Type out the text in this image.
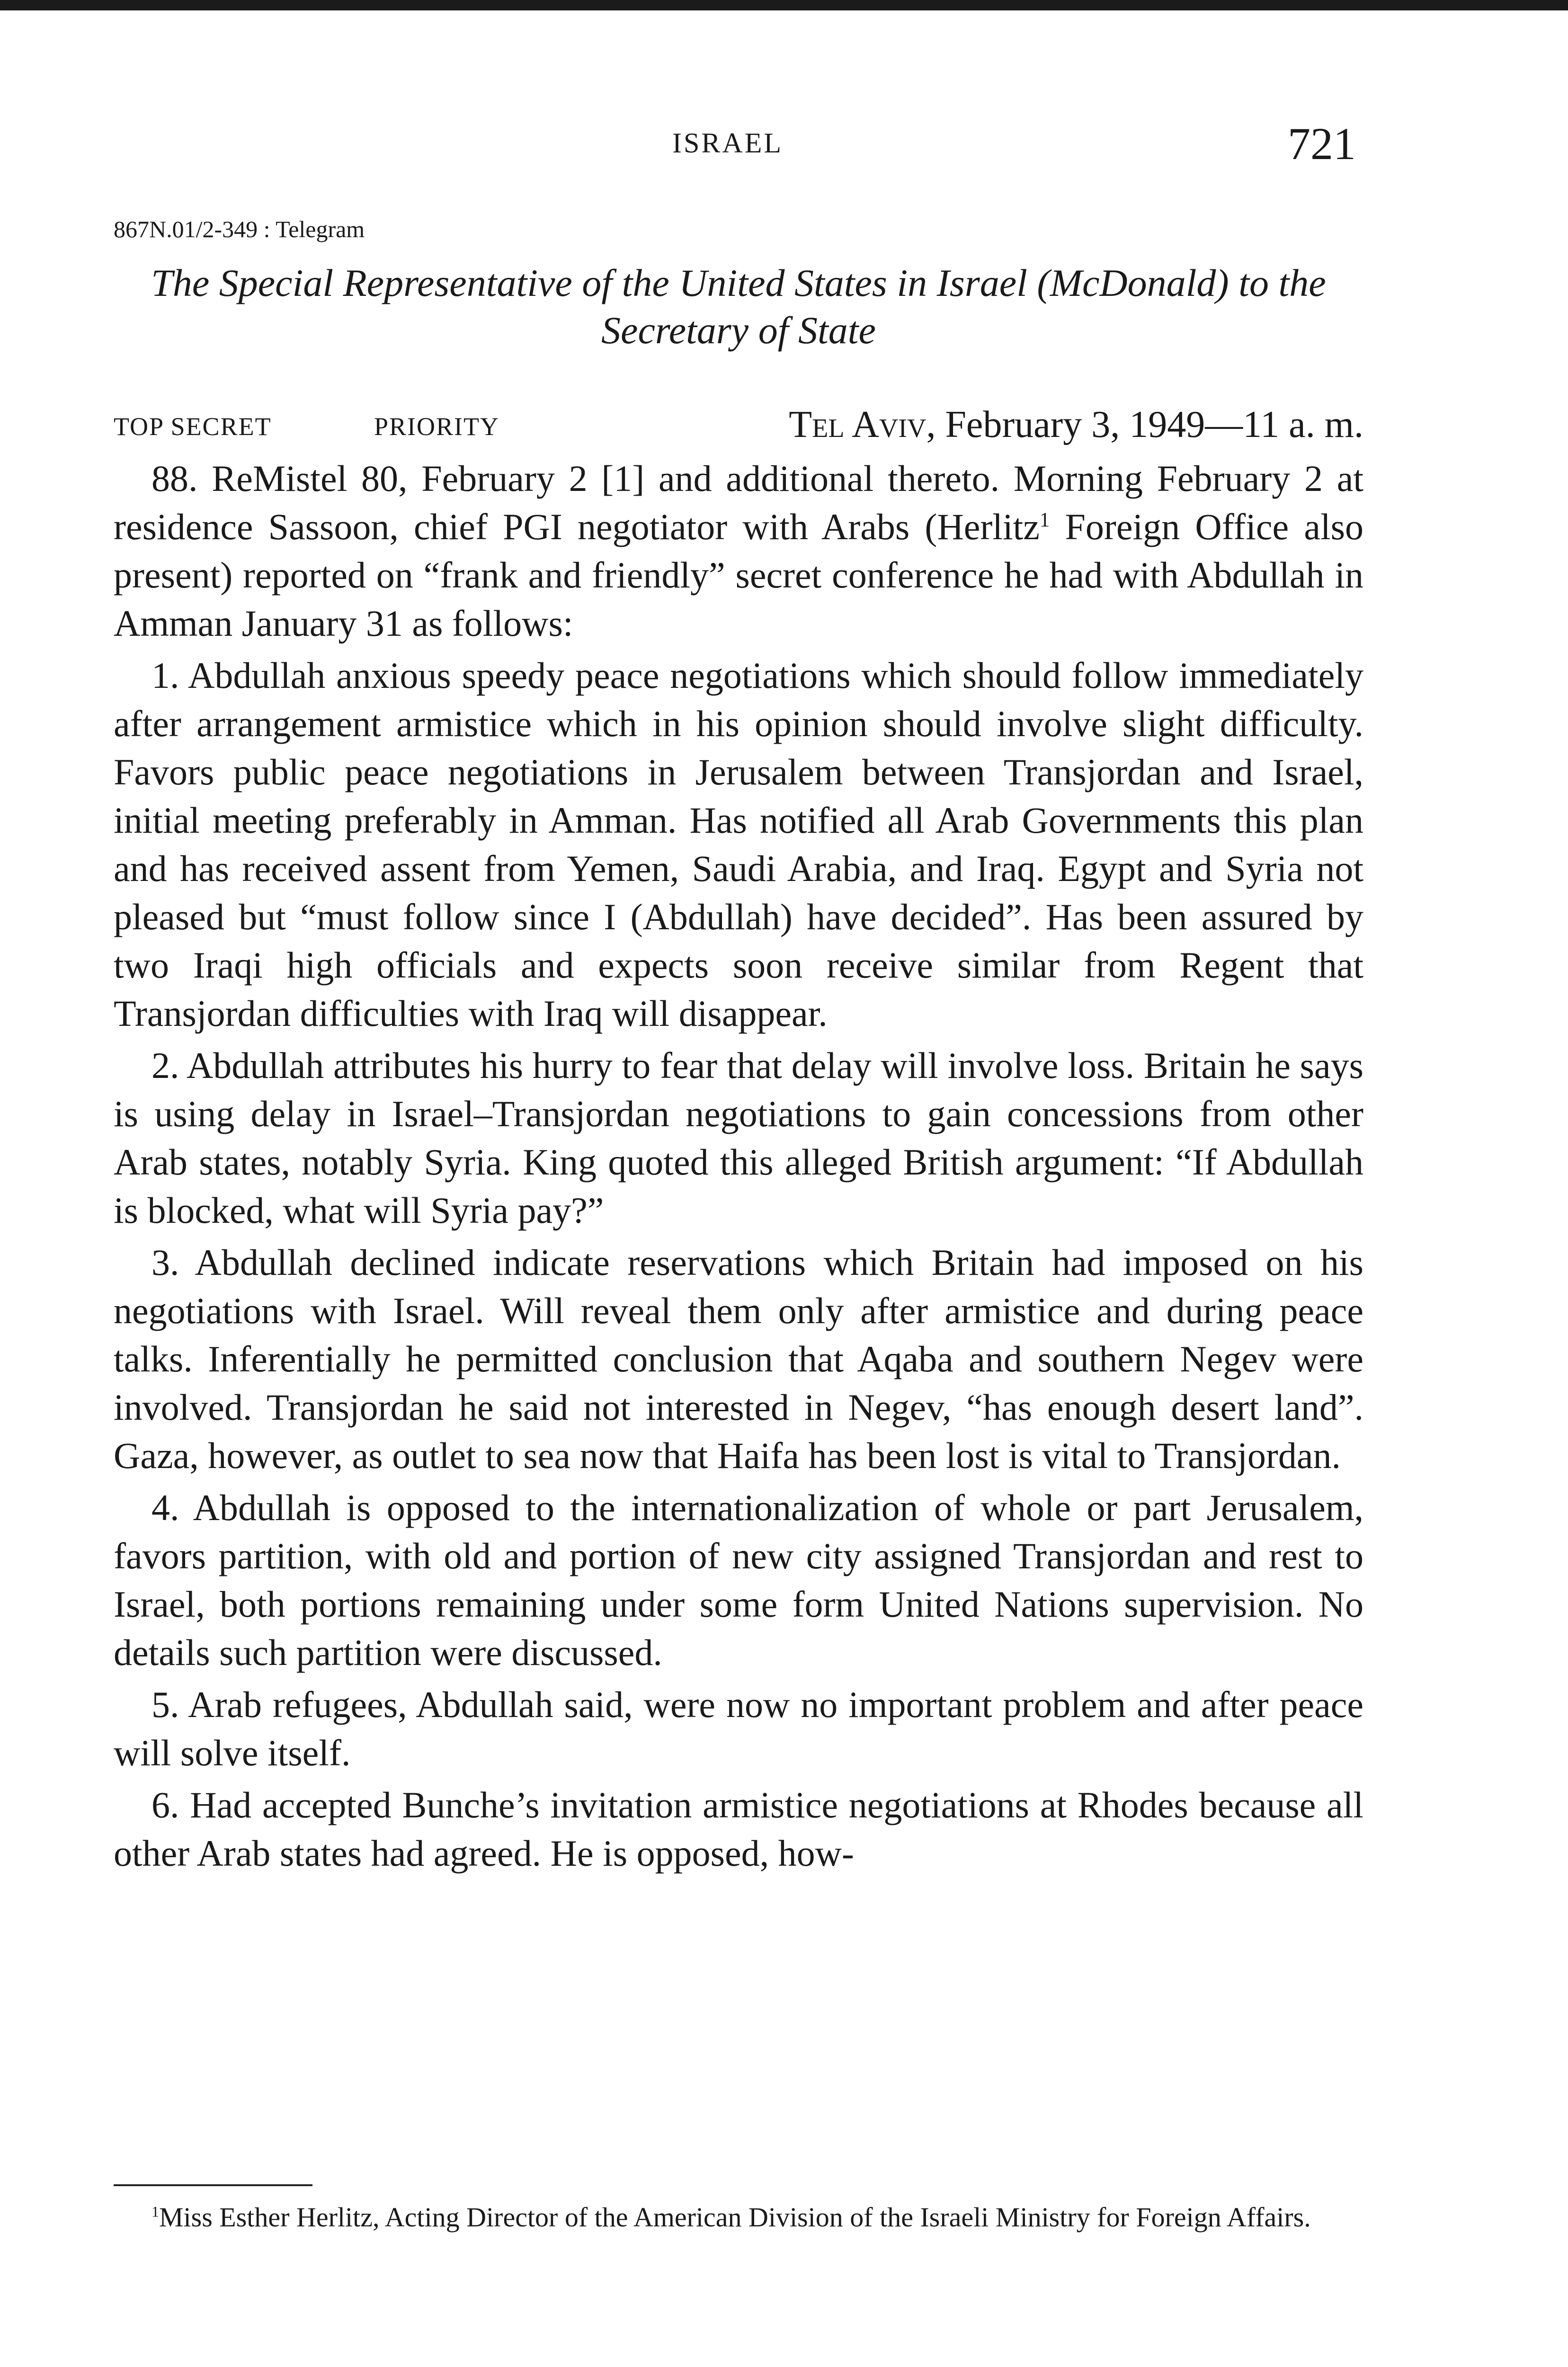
ISRAEL	721
867N.01/2-349 : Telegram
The Special Representative of the United States in Israel (McDonald) to the Secretary of State
TOP SECRET	PRIORITY	Tel Aviv, February 3, 1949—11 a. m.

88. ReMistel 80, February 2 [1] and additional thereto. Morning February 2 at residence Sassoon, chief PGI negotiator with Arabs (Herlitz$^1$ Foreign Office also present) reported on “frank and friendly” secret conference he had with Abdullah in Amman January 31 as follows:

1. Abdullah anxious speedy peace negotiations which should follow immediately after arrangement armistice which in his opinion should involve slight difficulty. Favors public peace negotiations in Jerusalem between Transjordan and Israel, initial meeting preferably in Amman. Has notified all Arab Governments this plan and has received assent from Yemen, Saudi Arabia, and Iraq. Egypt and Syria not pleased but “must follow since I (Abdullah) have decided”. Has been assured by two Iraqi high officials and expects soon receive similar from Regent that Transjordan difficulties with Iraq will disappear.

2. Abdullah attributes his hurry to fear that delay will involve loss. Britain he says is using delay in Israel–Transjordan negotiations to gain concessions from other Arab states, notably Syria. King quoted this alleged British argument: “If Abdullah is blocked, what will Syria pay?”

3. Abdullah declined indicate reservations which Britain had imposed on his negotiations with Israel. Will reveal them only after armistice and during peace talks. Inferentially he permitted conclusion that Aqaba and southern Negev were involved. Transjordan he said not interested in Negev, “has enough desert land”. Gaza, however, as outlet to sea now that Haifa has been lost is vital to Transjordan.

4. Abdullah is opposed to the internationalization of whole or part Jerusalem, favors partition, with old and portion of new city assigned Transjordan and rest to Israel, both portions remaining under some form United Nations supervision. No details such partition were discussed.

5. Arab refugees, Abdullah said, were now no important problem and after peace will solve itself.

6. Had accepted Bunche’s invitation armistice negotiations at Rhodes because all other Arab states had agreed. He is opposed, how-

$^1$Miss Esther Herlitz, Acting Director of the American Division of the Israeli Ministry for Foreign Affairs.
